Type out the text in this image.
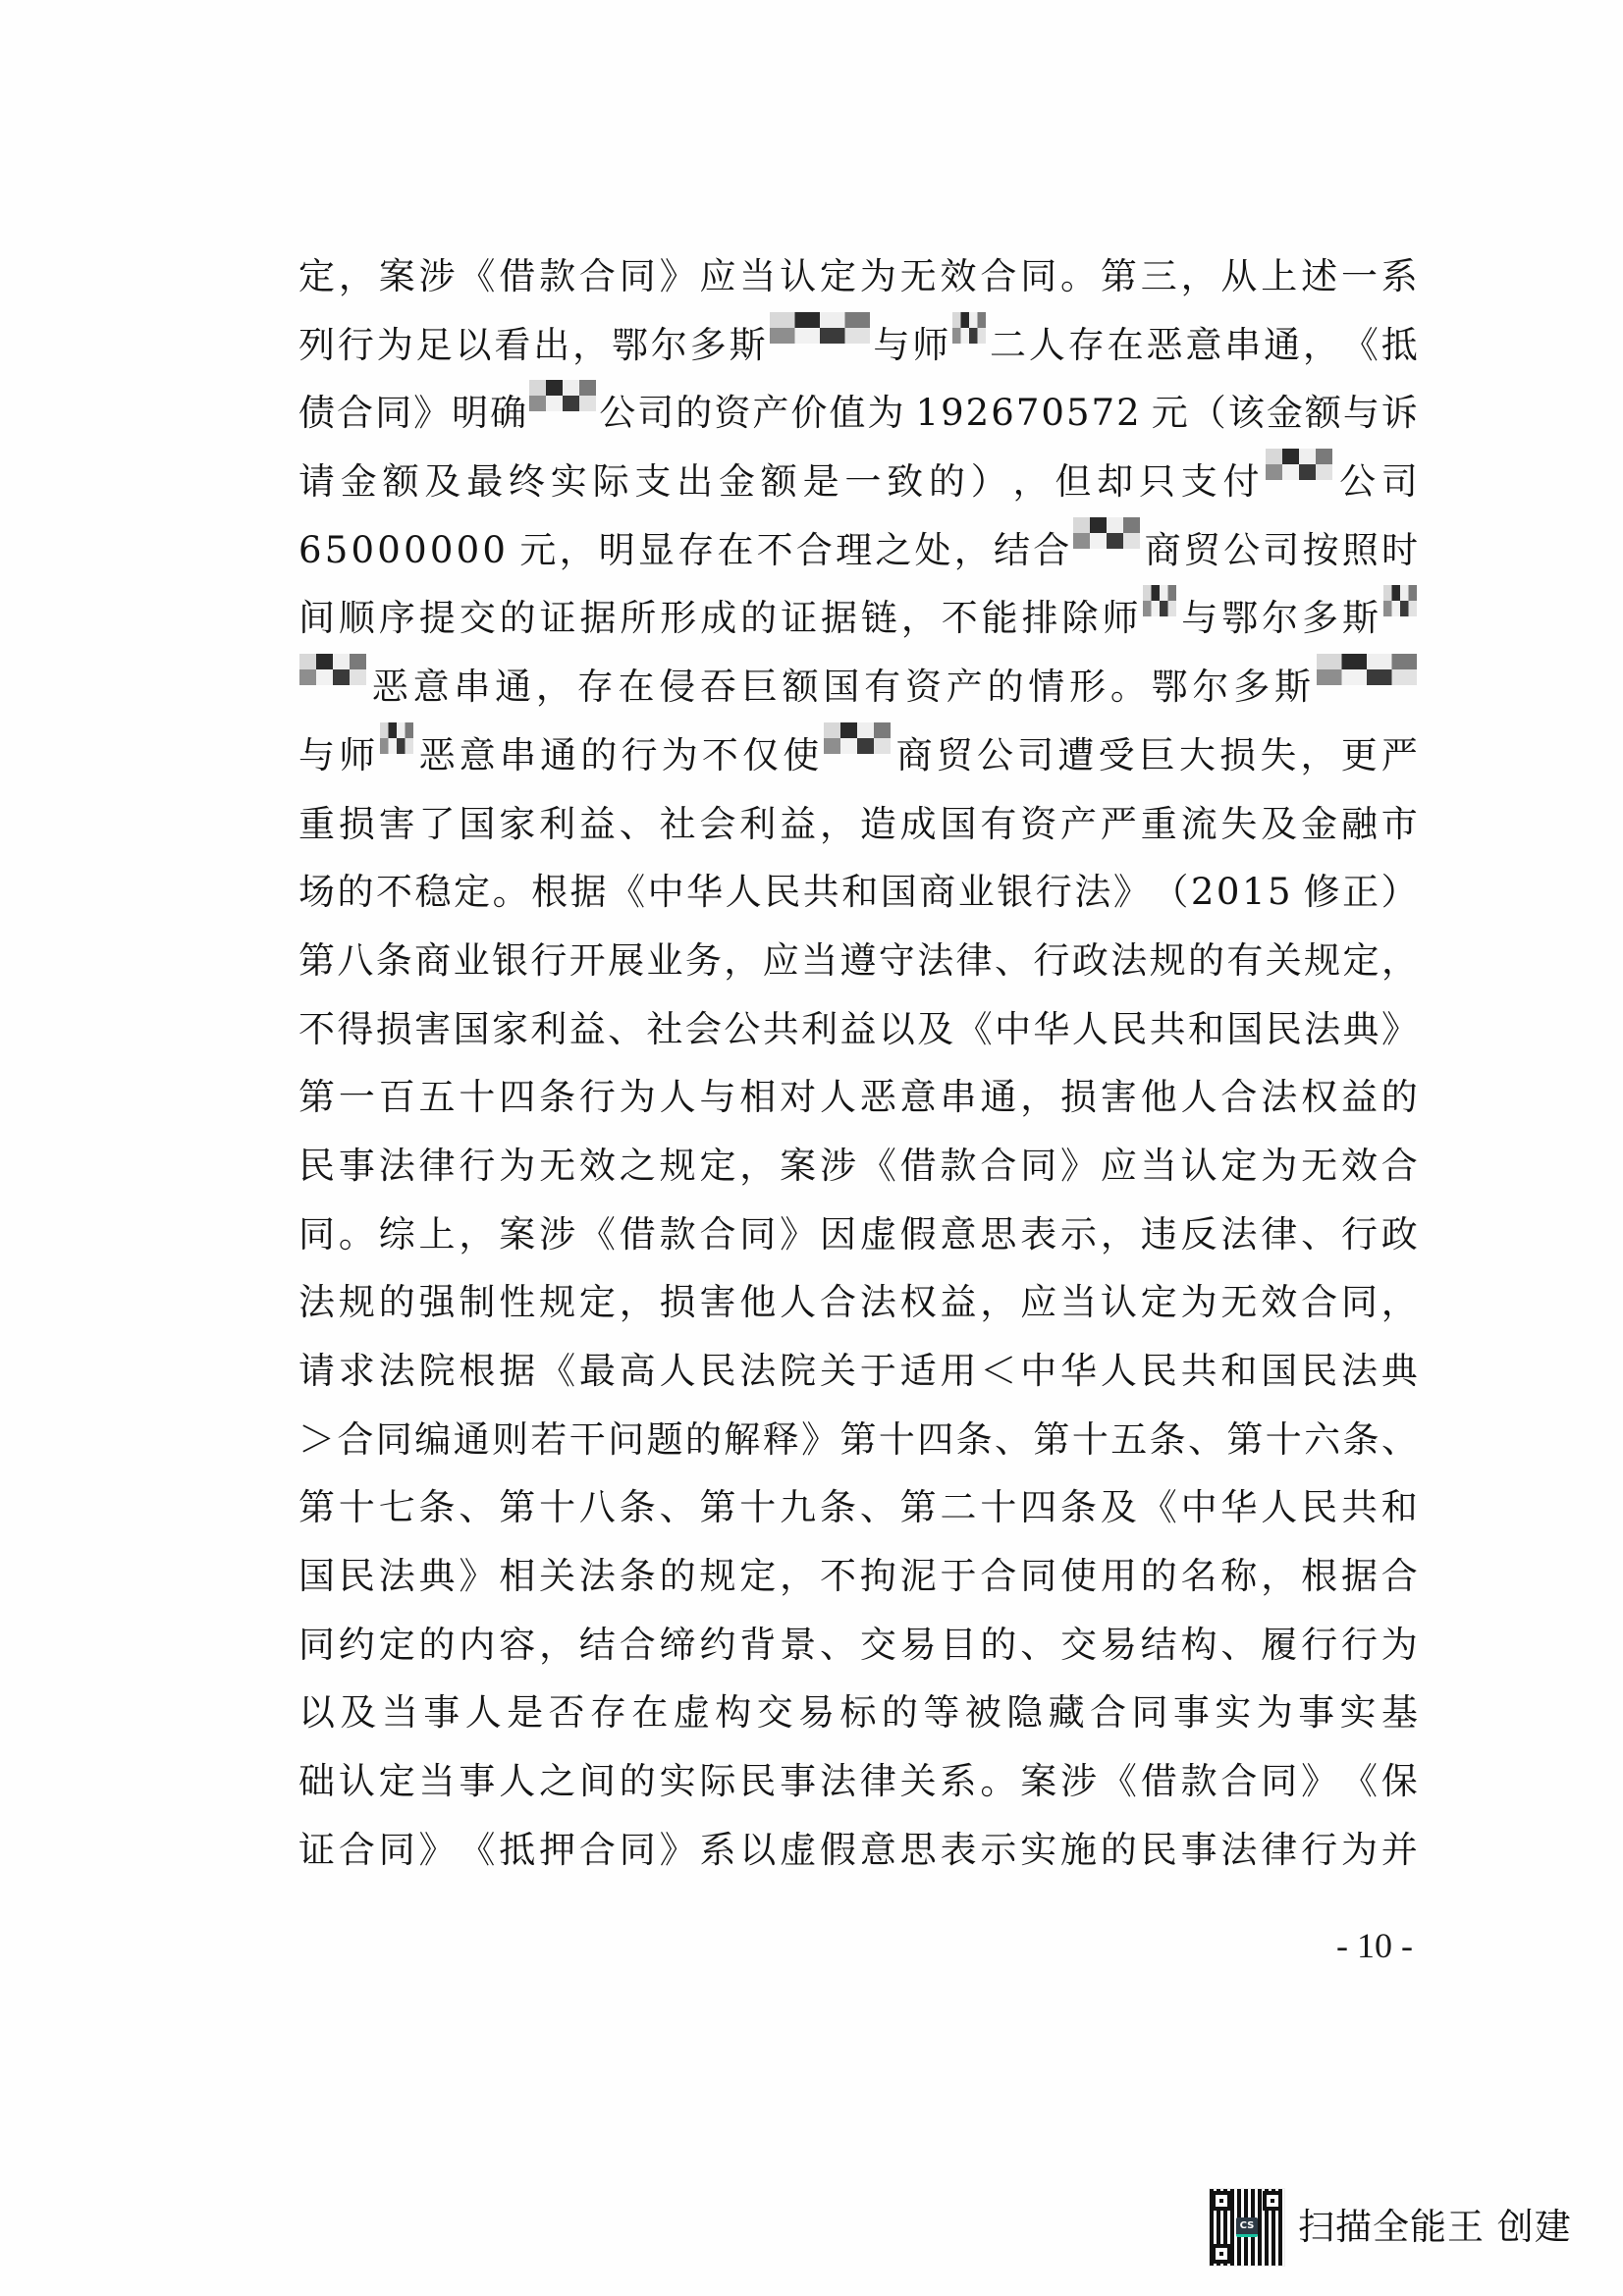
定 ， 案 涉 《 借 款 合 同 》 应 当 认 定 为 无 效 合 同 。 第 三 ， 从 上 述 一 系
列 行 为 足 以 看 出 ， 鄂 尔 多 斯	与 师 二 人 存 在 恶 意 串 通 ， 《 抵
债 合 同 》 明 确 公 司 的 资 产 价 值 为
1 9 2 6 7 0 5 7 2
元 （ 该 金 额 与 诉
请 金 额 及 最 终 实 际 支 出 金 额 是 一 致 的 ） ， 但 却 只 支 付 公 司
6 5 0 0 0 0 0 0
元 ， 明 显 存 在 不 合 理 之 处 ， 结 合 商 贸 公 司 按 照 时
间 顺 序 提 交 的 证 据 所 形 成 的 证 据 链 ， 不 能 排 除 师 与 鄂 尔 多 斯
恶 意 串 通 ， 存 在 侵 吞 巨 额 国 有 资 产 的 情 形 。 鄂 尔 多 斯
与 师 恶 意 串 通 的 行 为 不 仅 使 商 贸 公 司 遭 受 巨 大 损 失 ， 更 严
重 损 害 了 国 家 利 益 、 社 会 利 益 ， 造 成 国 有 资 产 严 重 流 失 及 金 融 市
场 的 不 稳 定 。 根 据 《 中 华 人 民 共 和 国 商 业 银 行 法 》 （ 2 0 1 5
修 正 ）
第 八 条 商 业 银 行 开 展 业 务 ， 应 当 遵 守 法 律 、 行 政 法 规 的 有 关 规 定 ，
不 得 损 害 国 家 利 益 、 社 会 公 共 利 益 以 及 《 中 华 人 民 共 和 国 民 法 典 》
第 一 百 五 十 四 条 行 为 人 与 相 对 人 恶 意 串 通 ， 损 害 他 人 合 法 权 益 的
民 事 法 律 行 为 无 效 之 规 定 ， 案 涉 《 借 款 合 同 》 应 当 认 定 为 无 效 合
同 。 综 上 ， 案 涉 《 借 款 合 同 》 因 虚 假 意 思 表 示 ， 违 反 法 律 、 行 政
法 规 的 强 制 性 规 定 ， 损 害 他 人 合 法 权 益 ， 应 当 认 定 为 无 效 合 同 ，
请 求 法 院 根 据 《 最 高 人 民 法 院 关 于 适 用 ＜ 中 华 人 民 共 和 国 民 法 典
＞ 合 同 编 通 则 若 干 问 题 的 解 释 》 第 十 四 条 、 第 十 五 条 、 第 十 六 条 、
第 十 七 条 、 第 十 八 条 、 第 十 九 条 、 第 二 十 四 条 及 《 中 华 人 民 共 和
国 民 法 典 》 相 关 法 条 的 规 定 ， 不 拘 泥 于 合 同 使 用 的 名 称 ， 根 据 合
同 约 定 的 内 容 ， 结 合 缔 约 背 景 、 交 易 目 的 、 交 易 结 构 、 履 行 行 为
以 及 当 事 人 是 否 存 在 虚 构 交 易 标 的 等 被 隐 藏 合 同 事 实 为 事 实 基
础 认 定 当 事 人 之 间 的 实 际 民 事 法 律 关 系 。 案 涉 《 借 款 合 同 》 《 保
证 合 同 》 《 抵 押 合 同 》 系 以 虚 假 意 思 表 示 实 施 的 民 事 法 律 行 为 并
- 10 -
CS 扫描全能王 创建
